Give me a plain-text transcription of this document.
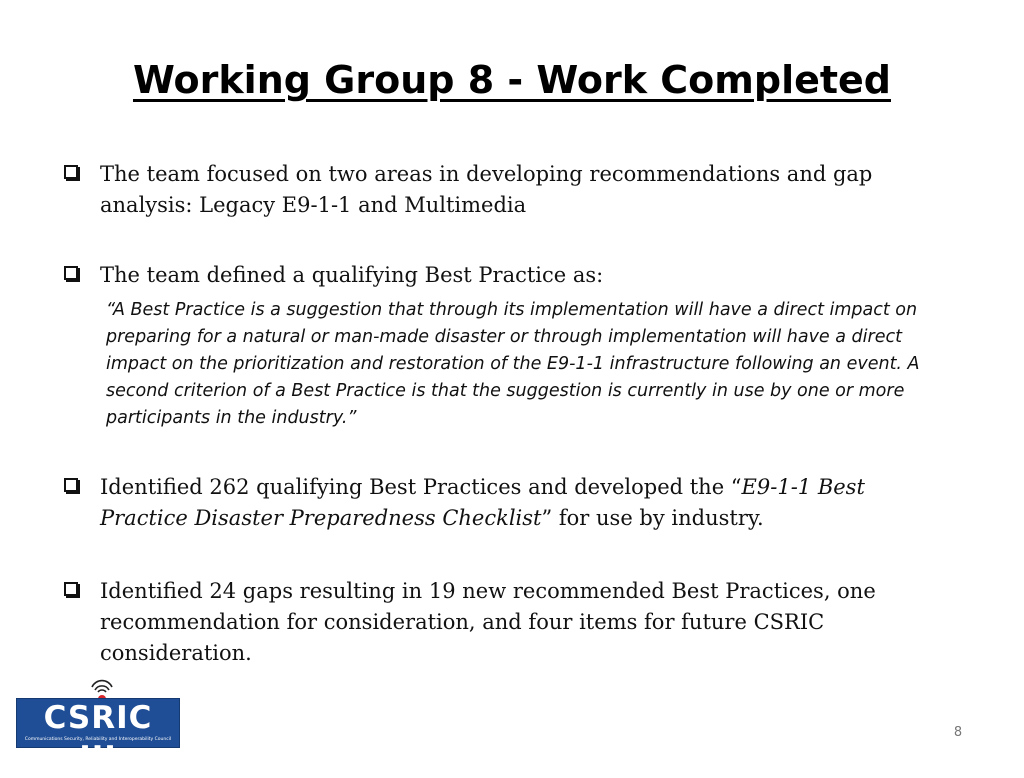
Working Group 8 - Work Completed
The team focused on two areas in developing recommendations and gap analysis: Legacy E9-1-1 and Multimedia
The team defined a qualifying Best Practice as:
“A Best Practice is a suggestion that through its implementation will have a direct impact on preparing for a natural or man-made disaster or through implementation will have a direct impact on the prioritization and restoration of the E9-1-1 infrastructure following an event. A second criterion of a Best Practice is that the suggestion is currently in use by one or more participants in the industry.”
Identified 262 qualifying Best Practices and developed the “E9-1-1 Best Practice Disaster Preparedness Checklist” for use by industry.
Identified 24 gaps resulting in 19 new recommended Best Practices, one recommendation for consideration, and four items for future CSRIC consideration.
CSRIC III
Communications Security, Reliability and Interoperability Council	8
